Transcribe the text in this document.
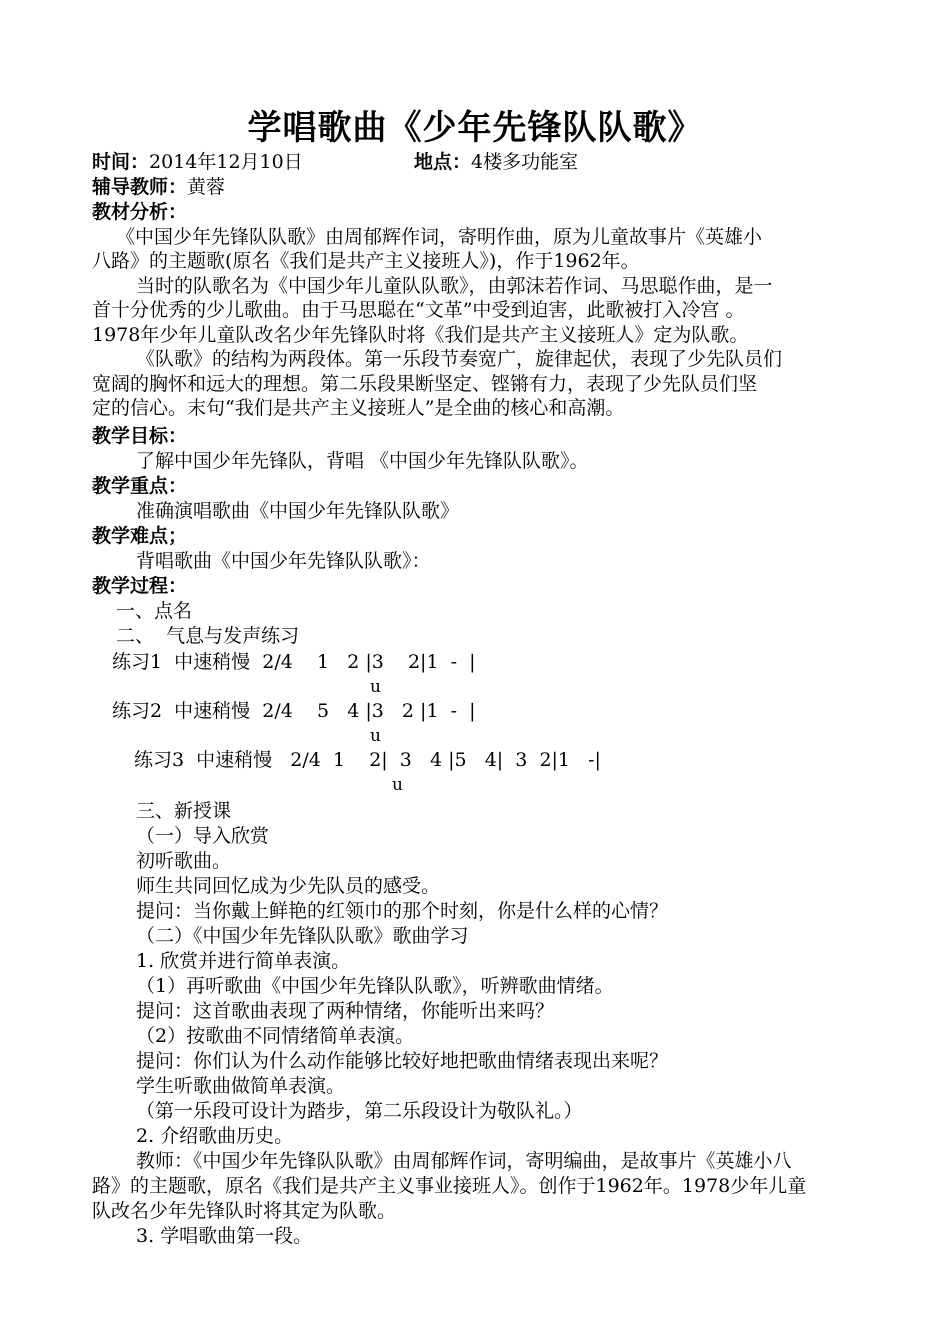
学唱歌曲《少年先锋队队歌》
时间：2014年12月10日	地点：4楼多功能室
辅导教师：黄蓉
教材分析：
《中国少年先锋队队歌》由周郁辉作词，寄明作曲，原为儿童故事片《英雄小
八路》的主题歌(原名《我们是共产主义接班人》)，作于1962年。
当时的队歌名为《中国少年儿童队队歌》，由郭沫若作词、马思聪作曲，是一
首十分优秀的少儿歌曲。由于马思聪在“文革”中受到迫害，此歌被打入冷宫 。
1978年少年儿童队改名少年先锋队时将《我们是共产主义接班人》定为队歌。
《队歌》的结构为两段体。第一乐段节奏宽广，旋律起伏，表现了少先队员们
宽阔的胸怀和远大的理想。第二乐段果断坚定、铿锵有力，表现了少先队员们坚
定的信心。末句“我们是共产主义接班人”是全曲的核心和高潮。
教学目标：
了解中国少年先锋队，背唱 《中国少年先锋队队歌》。
教学重点：
准确演唱歌曲《中国少年先锋队队歌》
教学难点；
背唱歌曲《中国少年先锋队队歌》：
教学过程：
一、点名
二、  气息与发声练习
练习1  中速稍慢  2/4    1   2 |3    2|1  -  |
u
练习2  中速稍慢  2/4    5   4 |3   2 |1  -  |
u
练习3  中速稍慢   2/4  1    2|  3   4 |5   4|  3  2|1   -|
u
三、新授课
（一）导入欣赏
初听歌曲。
师生共同回忆成为少先队员的感受。
提问：当你戴上鲜艳的红领巾的那个时刻，你是什么样的心情？
（二）《中国少年先锋队队歌》歌曲学习
1. 欣赏并进行简单表演。
（1）再听歌曲《中国少年先锋队队歌》，听辨歌曲情绪。
提问：这首歌曲表现了两种情绪，你能听出来吗？
（2）按歌曲不同情绪简单表演。
提问：你们认为什么动作能够比较好地把歌曲情绪表现出来呢？
学生听歌曲做简单表演。
（第一乐段可设计为踏步，第二乐段设计为敬队礼。）
2. 介绍歌曲历史。
教师：《中国少年先锋队队歌》由周郁辉作词，寄明编曲，是故事片《英雄小八
路》的主题歌，原名《我们是共产主义事业接班人》。创作于1962年。1978少年儿童
队改名少年先锋队时将其定为队歌。
3. 学唱歌曲第一段。
